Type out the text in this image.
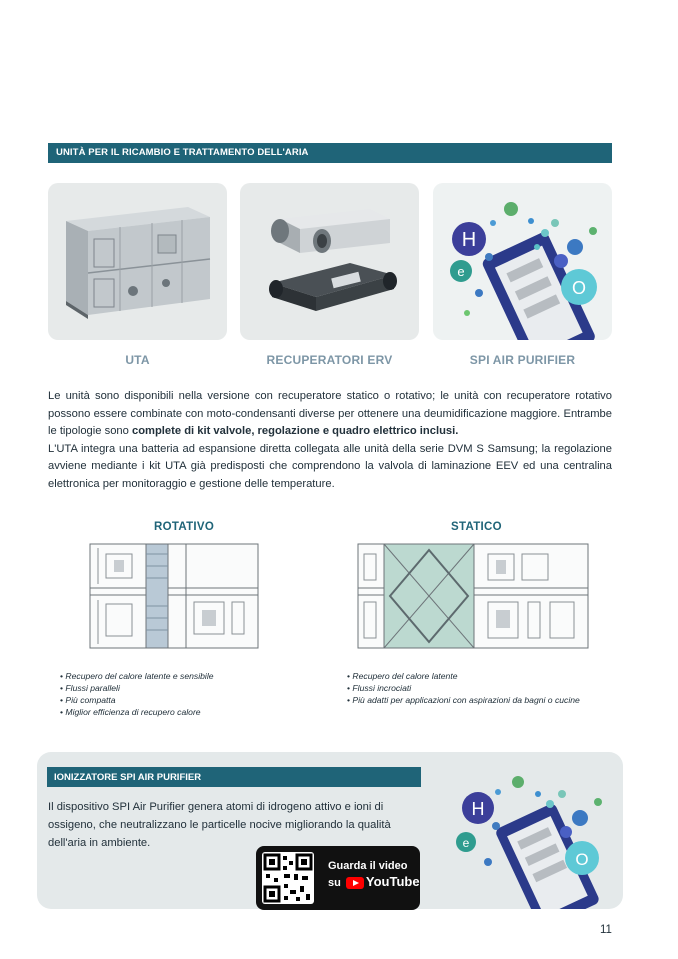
UNITÀ PER IL RICAMBIO E TRATTAMENTO DELL'ARIA
UTA	RECUPERATORI ERV
H
e
O
SPI AIR PURIFIER

Le unità sono disponibili nella versione con recuperatore statico o rotativo; le unità con recuperatore rotativo possono essere combinate con moto-condensanti diverse per ottenere una deumidificazione maggiore. Entrambe le tipologie sono complete di kit valvole, regolazione e quadro elettrico inclusi.

L'UTA integra una batteria ad espansione diretta collegata alle unità della serie DVM S Samsung; la regolazione avviene mediante i kit UTA già predisposti che comprendono la valvola di laminazione EEV ed una centralina elettronica per monitoraggio e gestione delle temperature.

ROTATIVO
• Recupero del calore latente e sensibile
• Flussi paralleli
• Più compatta
• Miglior efficienza di recupero calore
STATICO
• Recupero del calore latente
• Flussi incrociati
• Più adatti per applicazioni con aspirazioni da bagni o cucine
IONIZZATORE SPI AIR PURIFIER
Il dispositivo SPI Air Purifier genera atomi di idrogeno attivo e ioni di ossigeno, che neutralizzano le particelle nocive migliorando la qualità dell'aria in ambiente.
Guarda il video
su YouTube
H
e
O
11
